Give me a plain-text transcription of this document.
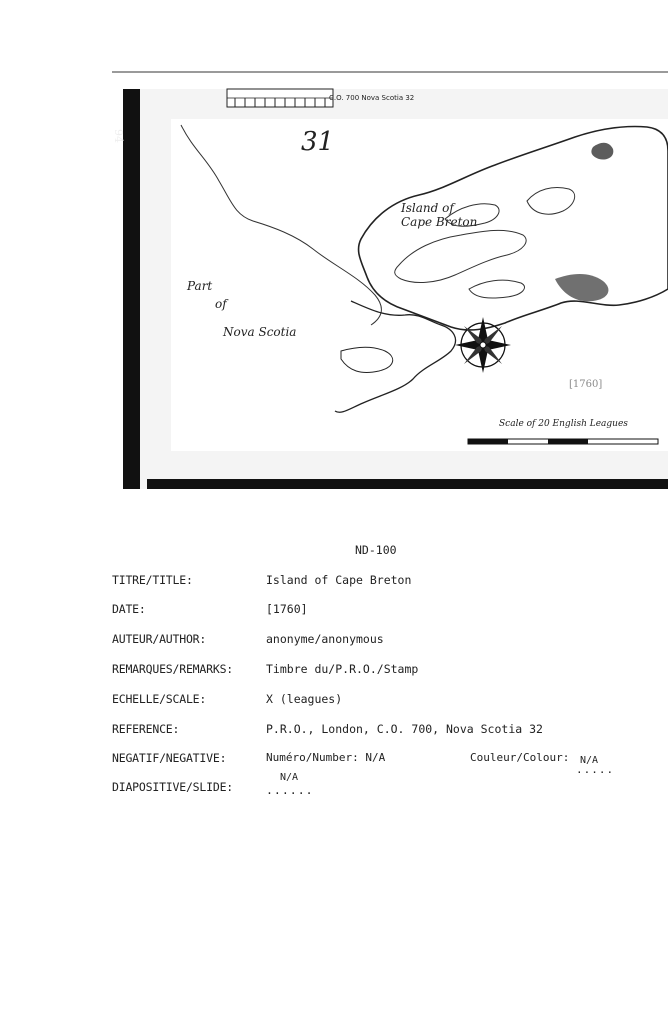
C.O. 700 Nova Scotia 32
31
Island of Cape Breton
Part
of
Nova Scotia
[1760]
Scale of 20 English Leagues
94
ND-100
TITRE/TITLE:	Island of Cape Breton
DATE:	[1760]
AUTEUR/AUTHOR:	anonyme/anonymous
REMARQUES/REMARKS:	Timbre du/P.R.O./Stamp
ECHELLE/SCALE:	X (leagues)
REFERENCE:	P.R.O., London, C.O. 700, Nova Scotia 32
NEGATIF/NEGATIVE:	Numéro/Number: N/A	Couleur/Colour: N/A
.....
DIAPOSITIVE/SLIDE:
N/A
......
